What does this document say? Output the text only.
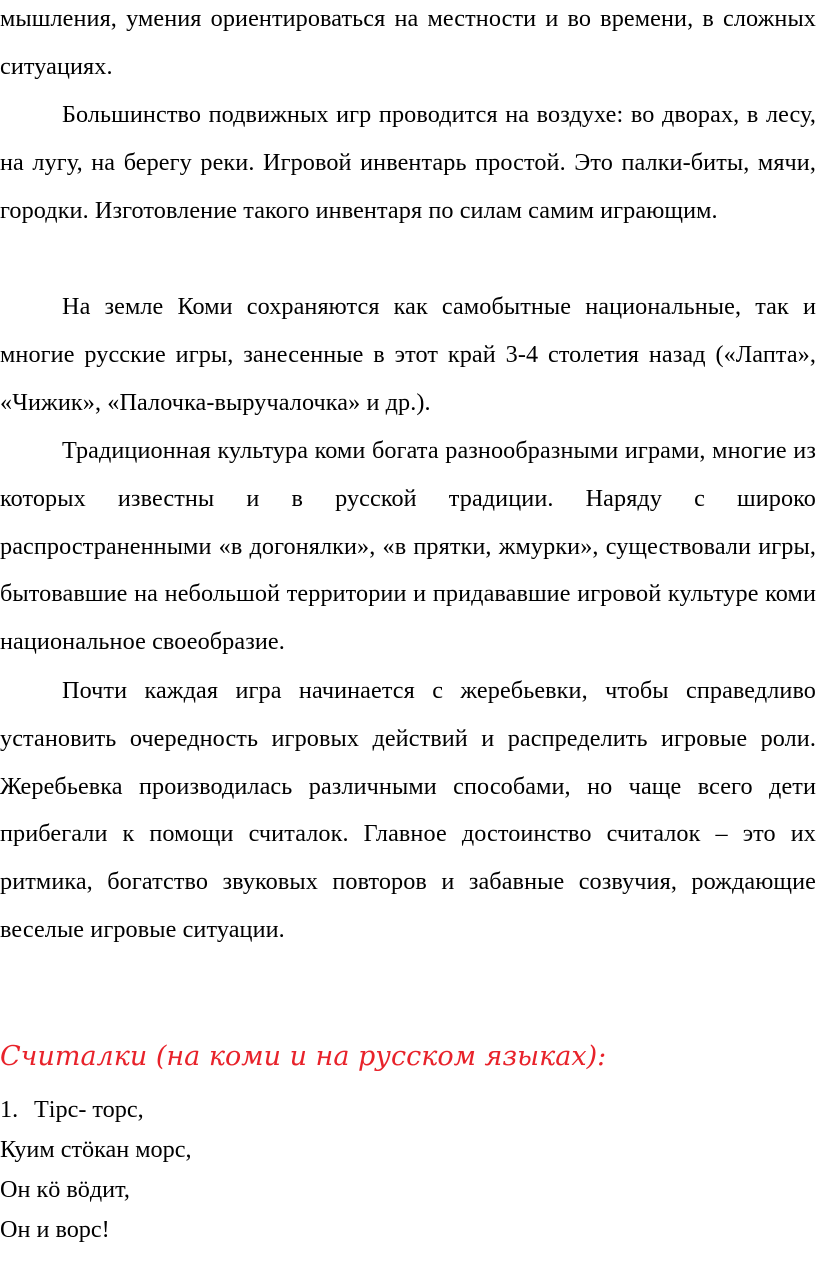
мышления, умения ориентироваться на местности и во времени, в сложных ситуациях.

Большинство подвижных игр проводится на воздухе: во дворах, в лесу, на лугу, на берегу реки. Игровой инвентарь простой. Это палки-биты, мячи, городки. Изготовление такого инвентаря по силам самим играющим.

На земле Коми сохраняются как самобытные национальные, так и многие русские игры, занесенные в этот край 3-4 столетия назад («Лапта», «Чижик», «Палочка-выручалочка» и др.).

Традиционная культура коми богата разнообразными играми, многие из которых известны и в русской традиции. Наряду с широко распространенными «в догонялки», «в прятки, жмурки», существовали игры, бытовавшие на небольшой территории и придававшие игровой культуре коми национальное своеобразие.

Почти каждая игра начинается с жеребьевки, чтобы справедливо установить очередность игровых действий и распределить игровые роли. Жеребьевка производилась различными способами, но чаще всего дети прибегали к помощи считалок. Главное достоинство считалок – это их ритмика, богатство звуковых повторов и забавные созвучия, рождающие веселые игровые ситуации.

Считалки (на коми и на русском языках):
1. Тірс- торс,
Куим стӧкан морс,
Он кӧ вӧдит,
Он и ворс!
